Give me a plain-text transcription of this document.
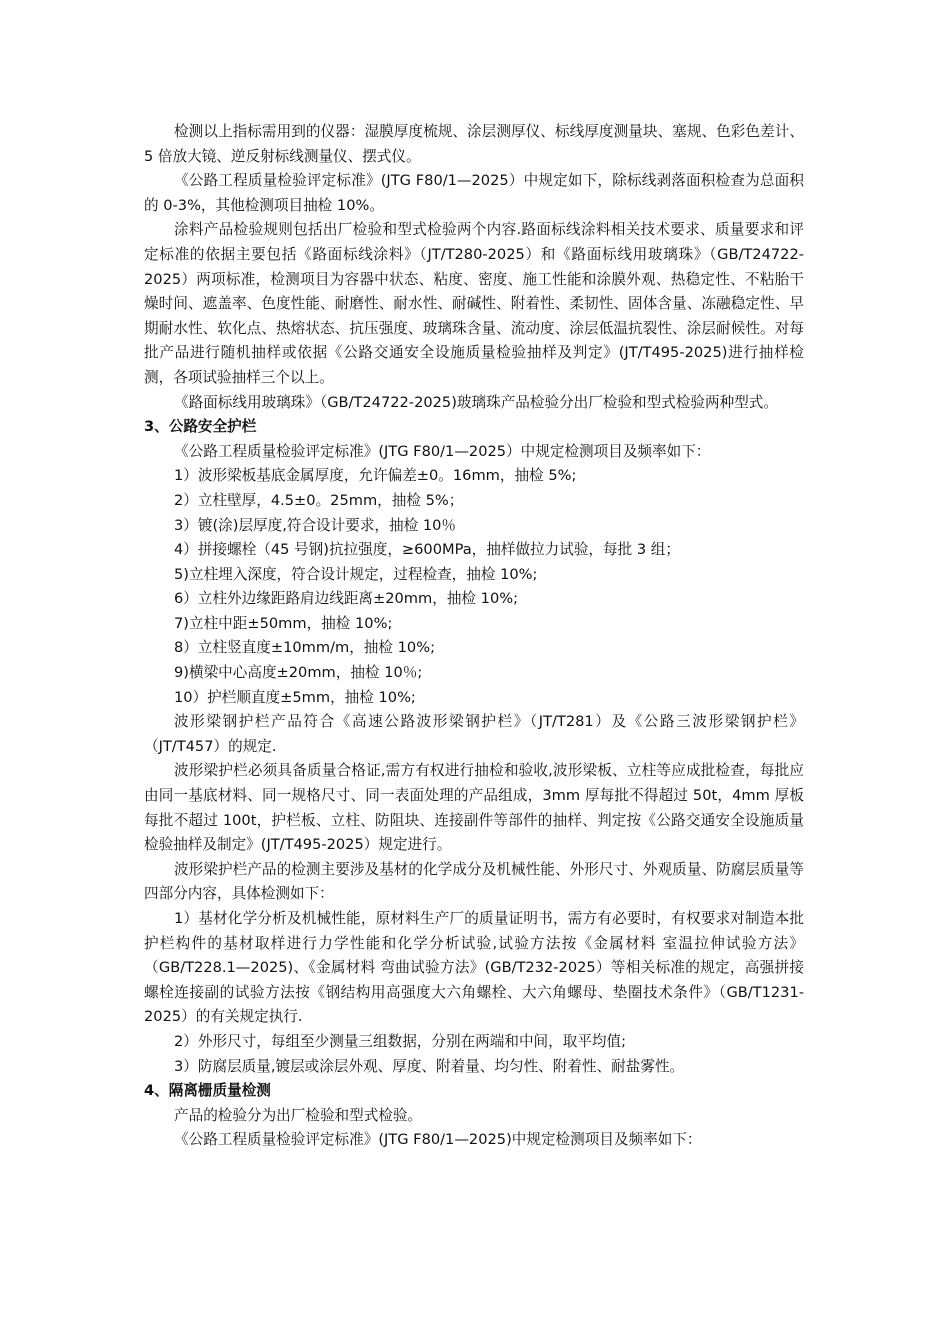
检测以上指标需用到的仪器：湿膜厚度梳规、涂层测厚仪、标线厚度测量块、塞规、色彩色差计、5 倍放大镜、逆反射标线测量仪、摆式仪。

《公路工程质量检验评定标准》(JTG F80/1—2025）中规定如下，除标线剥落面积检查为总面积的 0-3%，其他检测项目抽检 10%。

涂料产品检验规则包括出厂检验和型式检验两个内容.路面标线涂料相关技术要求、质量要求和评定标准的依据主要包括《路面标线涂料》（JT/T280-2025）和《路面标线用玻璃珠》（GB/T24722-2025）两项标准，检测项目为容器中状态、粘度、密度、施工性能和涂膜外观、热稳定性、不粘胎干燥时间、遮盖率、色度性能、耐磨性、耐水性、耐碱性、附着性、柔韧性、固体含量、冻融稳定性、早期耐水性、软化点、热熔状态、抗压强度、玻璃珠含量、流动度、涂层低温抗裂性、涂层耐候性。对每批产品进行随机抽样或依据《公路交通安全设施质量检验抽样及判定》(JT/T495-2025)进行抽样检测，各项试验抽样三个以上。

《路面标线用玻璃珠》（GB/T24722-2025)玻璃珠产品检验分出厂检验和型式检验两种型式。

3、公路安全护栏

《公路工程质量检验评定标准》(JTG F80/1—2025）中规定检测项目及频率如下：

1）波形梁板基底金属厚度，允许偏差±0。16mm，抽检 5%;

2）立柱壁厚，4.5±0。25mm，抽检 5%；

3）镀(涂)层厚度,符合设计要求，抽检 10％

4）拼接螺栓（45 号钢)抗拉强度，≥600MPa，抽样做拉力试验，每批 3 组；

5)立柱埋入深度，符合设计规定，过程检查，抽检 10%;

6）立柱外边缘距路肩边线距离±20mm，抽检 10%;

7)立柱中距±50mm，抽检 10%;

8）立柱竖直度±10mm/m，抽检 10%;

9)横梁中心高度±20mm，抽检 10％;

10）护栏顺直度±5mm，抽检 10%;

波形梁钢护栏产品符合《高速公路波形梁钢护栏》（JT/T281）及《公路三波形梁钢护栏》（JT/T457）的规定.

波形梁护栏必须具备质量合格证,需方有权进行抽检和验收,波形梁板、立柱等应成批检查，每批应由同一基底材料、同一规格尺寸、同一表面处理的产品组成，3mm 厚每批不得超过 50t，4mm 厚板每批不超过 100t，护栏板、立柱、防阻块、连接副件等部件的抽样、判定按《公路交通安全设施质量检验抽样及制定》(JT/T495-2025）规定进行。

波形梁护栏产品的检测主要涉及基材的化学成分及机械性能、外形尺寸、外观质量、防腐层质量等四部分内容，具体检测如下：

1）基材化学分析及机械性能，原材料生产厂的质量证明书，需方有必要时，有权要求对制造本批护栏构件的基材取样进行力学性能和化学分析试验,试验方法按《金属材料 室温拉伸试验方法》（GB/T228.1—2025)、《金属材料 弯曲试验方法》(GB/T232-2025）等相关标准的规定，高强拼接螺栓连接副的试验方法按《钢结构用高强度大六角螺栓、大六角螺母、垫圈技术条件》（GB/T1231-2025）的有关规定执行.

2）外形尺寸，每组至少测量三组数据，分别在两端和中间，取平均值;

3）防腐层质量,镀层或涂层外观、厚度、附着量、均匀性、附着性、耐盐雾性。

4、隔离栅质量检测

产品的检验分为出厂检验和型式检验。

《公路工程质量检验评定标准》(JTG F80/1—2025)中规定检测项目及频率如下：
